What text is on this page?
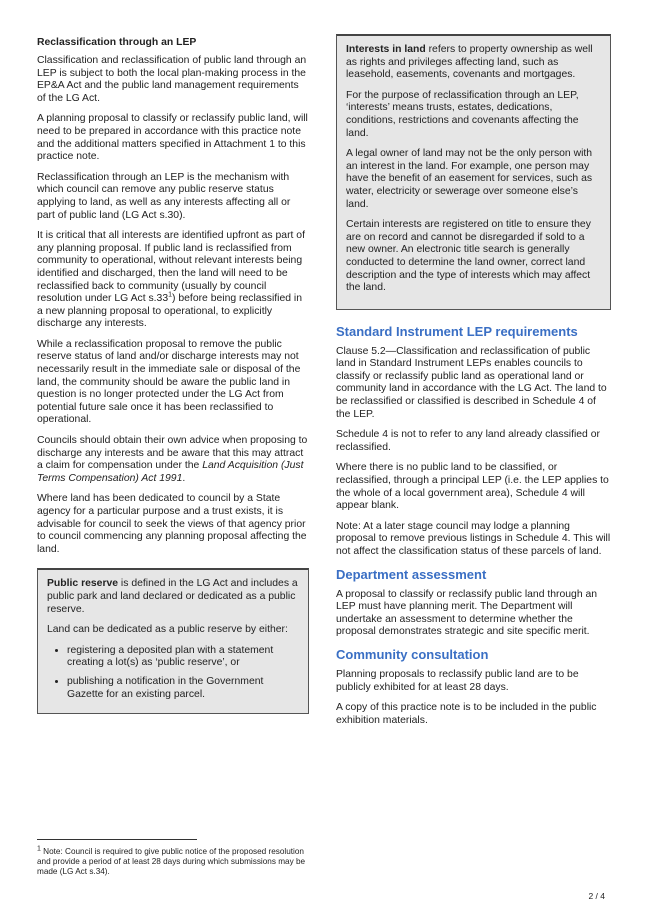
Reclassification through an LEP

Classification and reclassification of public land through an LEP is subject to both the local plan-making process in the EP&A Act and the public land management requirements of the LG Act.

A planning proposal to classify or reclassify public land, will need to be prepared in accordance with this practice note and the additional matters specified in Attachment 1 to this practice note.

Reclassification through an LEP is the mechanism with which council can remove any public reserve status applying to land, as well as any interests affecting all or part of public land (LG Act s.30).

It is critical that all interests are identified upfront as part of any planning proposal. If public land is reclassified from community to operational, without relevant interests being identified and discharged, then the land will need to be reclassified back to community (usually by council resolution under LG Act $s.33^1$) before being reclassified in a new planning proposal to operational, to explicitly discharge any interests.

While a reclassification proposal to remove the public reserve status of land and/or discharge interests may not necessarily result in the immediate sale or disposal of the land, the community should be aware the public land in question is no longer protected under the LG Act from potential future sale once it has been reclassified to operational.

Councils should obtain their own advice when proposing to discharge any interests and be aware that this may attract a claim for compensation under the Land Acquisition (Just Terms Compensation) Act 1991.

Where land has been dedicated to council by a State agency for a particular purpose and a trust exists, it is advisable for council to seek the views of that agency prior to council commencing any planning proposal affecting the land.

Public reserve is defined in the LG Act and includes a public park and land declared or dedicated as a public reserve.

Land can be dedicated as a public reserve by either:

• registering a deposited plan with a statement creating a lot(s) as ‘public reserve’, or
• publishing a notification in the Government Gazette for an existing parcel.

Interests in land refers to property ownership as well as rights and privileges affecting land, such as leasehold, easements, covenants and mortgages.

For the purpose of reclassification through an LEP, ‘interests’ means trusts, estates, dedications, conditions, restrictions and covenants affecting the land.

A legal owner of land may not be the only person with an interest in the land. For example, one person may have the benefit of an easement for services, such as water, electricity or sewerage over someone else’s land.

Certain interests are registered on title to ensure they are on record and cannot be disregarded if sold to a new owner. An electronic title search is generally conducted to determine the land owner, correct land description and the type of interests which may affect the land.

Standard Instrument LEP requirements

Clause 5.2—Classification and reclassification of public land in Standard Instrument LEPs enables councils to classify or reclassify public land as operational land or community land in accordance with the LG Act. The land to be reclassified or classified is described in Schedule 4 of the LEP.

Schedule 4 is not to refer to any land already classified or reclassified.

Where there is no public land to be classified, or reclassified, through a principal LEP (i.e. the LEP applies to the whole of a local government area), Schedule 4 will appear blank.

Note: At a later stage council may lodge a planning proposal to remove previous listings in Schedule 4. This will not affect the classification status of these parcels of land.

Department assessment

A proposal to classify or reclassify public land through an LEP must have planning merit. The Department will undertake an assessment to determine whether the proposal demonstrates strategic and site specific merit.

Community consultation

Planning proposals to reclassify public land are to be publicly exhibited for at least 28 days.

A copy of this practice note is to be included in the public exhibition materials.

$^1$ Note: Council is required to give public notice of the proposed resolution and provide a period of at least 28 days during which submissions may be made (LG Act s.34).

2 / 4
